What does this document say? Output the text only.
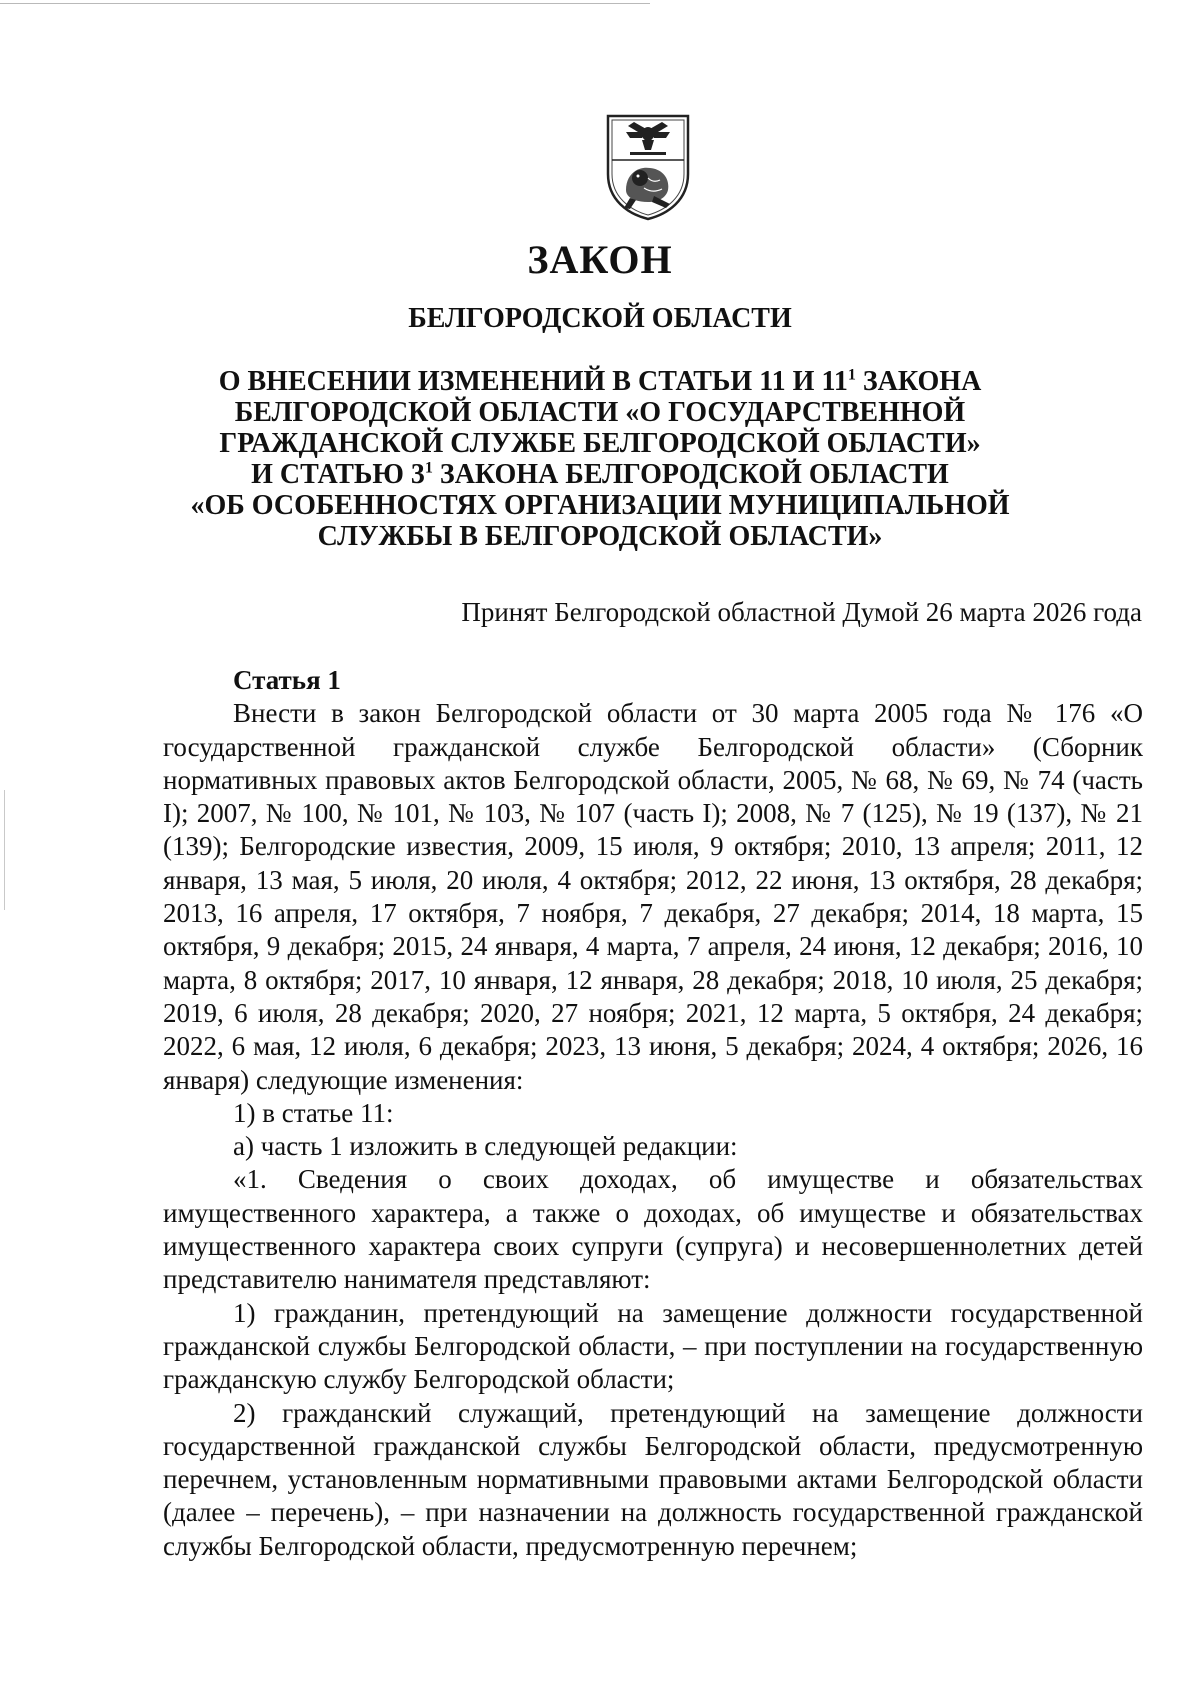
ЗАКОН
БЕЛГОРОДСКОЙ ОБЛАСТИ
О ВНЕСЕНИИ ИЗМЕНЕНИЙ В СТАТЬИ 11 И $11^1$ ЗАКОНА
БЕЛГОРОДСКОЙ ОБЛАСТИ «О ГОСУДАРСТВЕННОЙ
ГРАЖДАНСКОЙ СЛУЖБЕ БЕЛГОРОДСКОЙ ОБЛАСТИ»
И СТАТЬЮ $3^1$ ЗАКОНА БЕЛГОРОДСКОЙ ОБЛАСТИ
«ОБ ОСОБЕННОСТЯХ ОРГАНИЗАЦИИ МУНИЦИПАЛЬНОЙ
СЛУЖБЫ В БЕЛГОРОДСКОЙ ОБЛАСТИ»
Принят Белгородской областной Думой 26 марта 2026 года
Статья 1

Внести в закон Белгородской области от 30 марта 2005 года № 176 «О государственной гражданской службе Белгородской области» (Сборник нормативных правовых актов Белгородской области, 2005, № 68, № 69, № 74 (часть I); 2007, № 100, № 101, № 103, № 107 (часть I); 2008, № 7 (125), № 19 (137), № 21 (139); Белгородские известия, 2009, 15 июля, 9 октября; 2010, 13 апреля; 2011, 12 января, 13 мая, 5 июля, 20 июля, 4 октября; 2012, 22 июня, 13 октября, 28 декабря; 2013, 16 апреля, 17 октября, 7 ноября, 7 декабря, 27 декабря; 2014, 18 марта, 15 октября, 9 декабря; 2015, 24 января, 4 марта, 7 апреля, 24 июня, 12 декабря; 2016, 10 марта, 8 октября; 2017, 10 января, 12 января, 28 декабря; 2018, 10 июля, 25 декабря; 2019, 6 июля, 28 декабря; 2020, 27 ноября; 2021, 12 марта, 5 октября, 24 декабря; 2022, 6 мая, 12 июля, 6 декабря; 2023, 13 июня, 5 декабря; 2024, 4 октября; 2026, 16 января) следующие изменения:

1) в статье 11:

а) часть 1 изложить в следующей редакции:

«1. Сведения о своих доходах, об имуществе и обязательствах имущественного характера, а также о доходах, об имуществе и обязательствах имущественного характера своих супруги (супруга) и несовершеннолетних детей представителю нанимателя представляют:

1) гражданин, претендующий на замещение должности государственной гражданской службы Белгородской области, – при поступлении на государственную гражданскую службу Белгородской области;

2) гражданский служащий, претендующий на замещение должности государственной гражданской службы Белгородской области, предусмотренную перечнем, установленным нормативными правовыми актами Белгородской области (далее – перечень), – при назначении на должность государственной гражданской службы Белгородской области, предусмотренную перечнем;
